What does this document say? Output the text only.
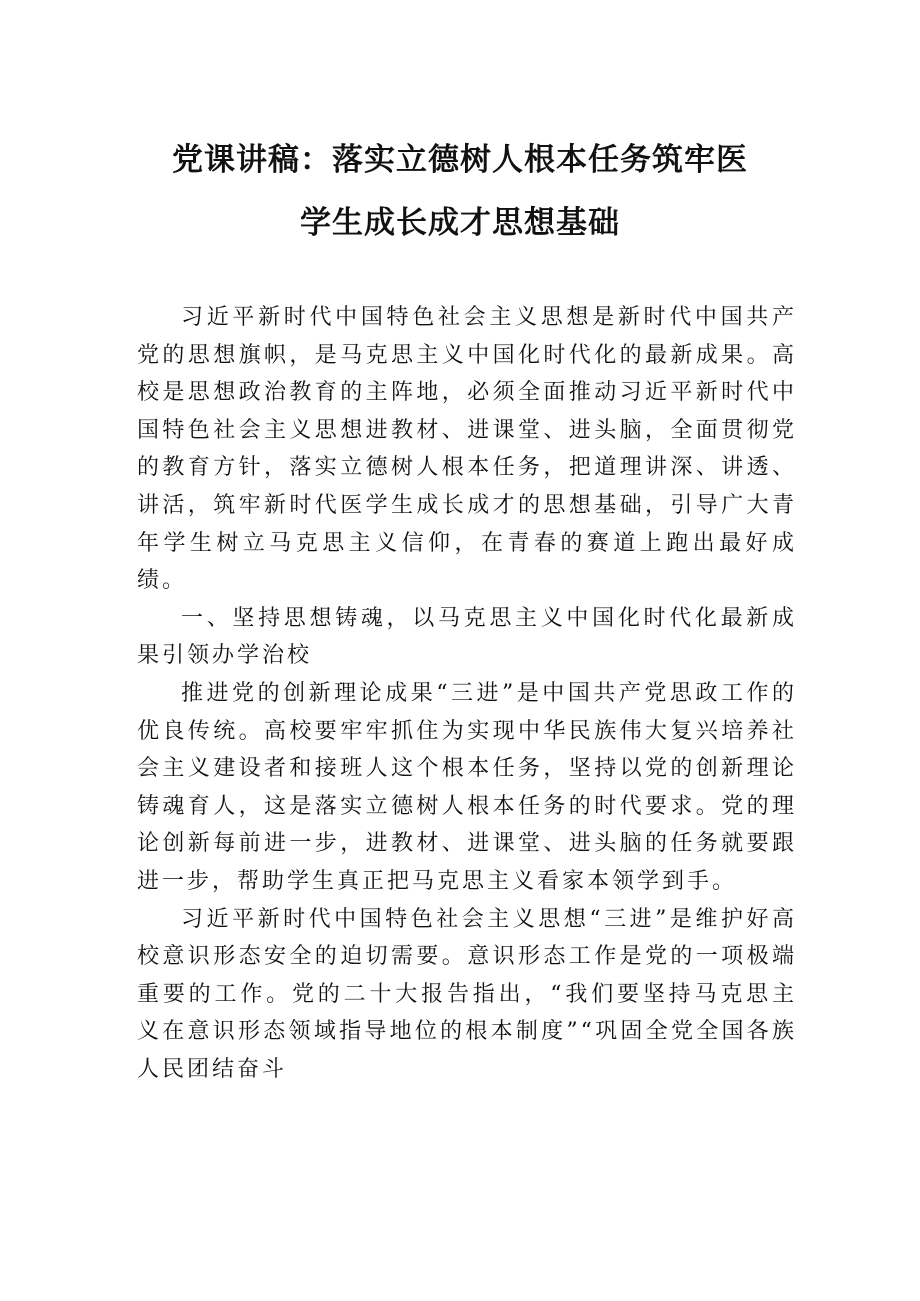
党课讲稿：落实立德树人根本任务筑牢医
学生成长成才思想基础

习近平新时代中国特色社会主义思想是新时代中国共产党的思想旗帜，是马克思主义中国化时代化的最新成果。高校是思想政治教育的主阵地，必须全面推动习近平新时代中国特色社会主义思想进教材、进课堂、进头脑，全面贯彻党的教育方针，落实立德树人根本任务，把道理讲深、讲透、讲活，筑牢新时代医学生成长成才的思想基础，引导广大青年学生树立马克思主义信仰，在青春的赛道上跑出最好成绩。

一、坚持思想铸魂，以马克思主义中国化时代化最新成果引领办学治校

推进党的创新理论成果“三进”是中国共产党思政工作的优良传统。高校要牢牢抓住为实现中华民族伟大复兴培养社会主义建设者和接班人这个根本任务，坚持以党的创新理论铸魂育人，这是落实立德树人根本任务的时代要求。党的理论创新每前进一步，进教材、进课堂、进头脑的任务就要跟进一步，帮助学生真正把马克思主义看家本领学到手。

习近平新时代中国特色社会主义思想“三进”是维护好高校意识形态安全的迫切需要。意识形态工作是党的一项极端重要的工作。党的二十大报告指出，“我们要坚持马克思主义在意识形态领域指导地位的根本制度”“巩固全党全国各族人民团结奋斗
